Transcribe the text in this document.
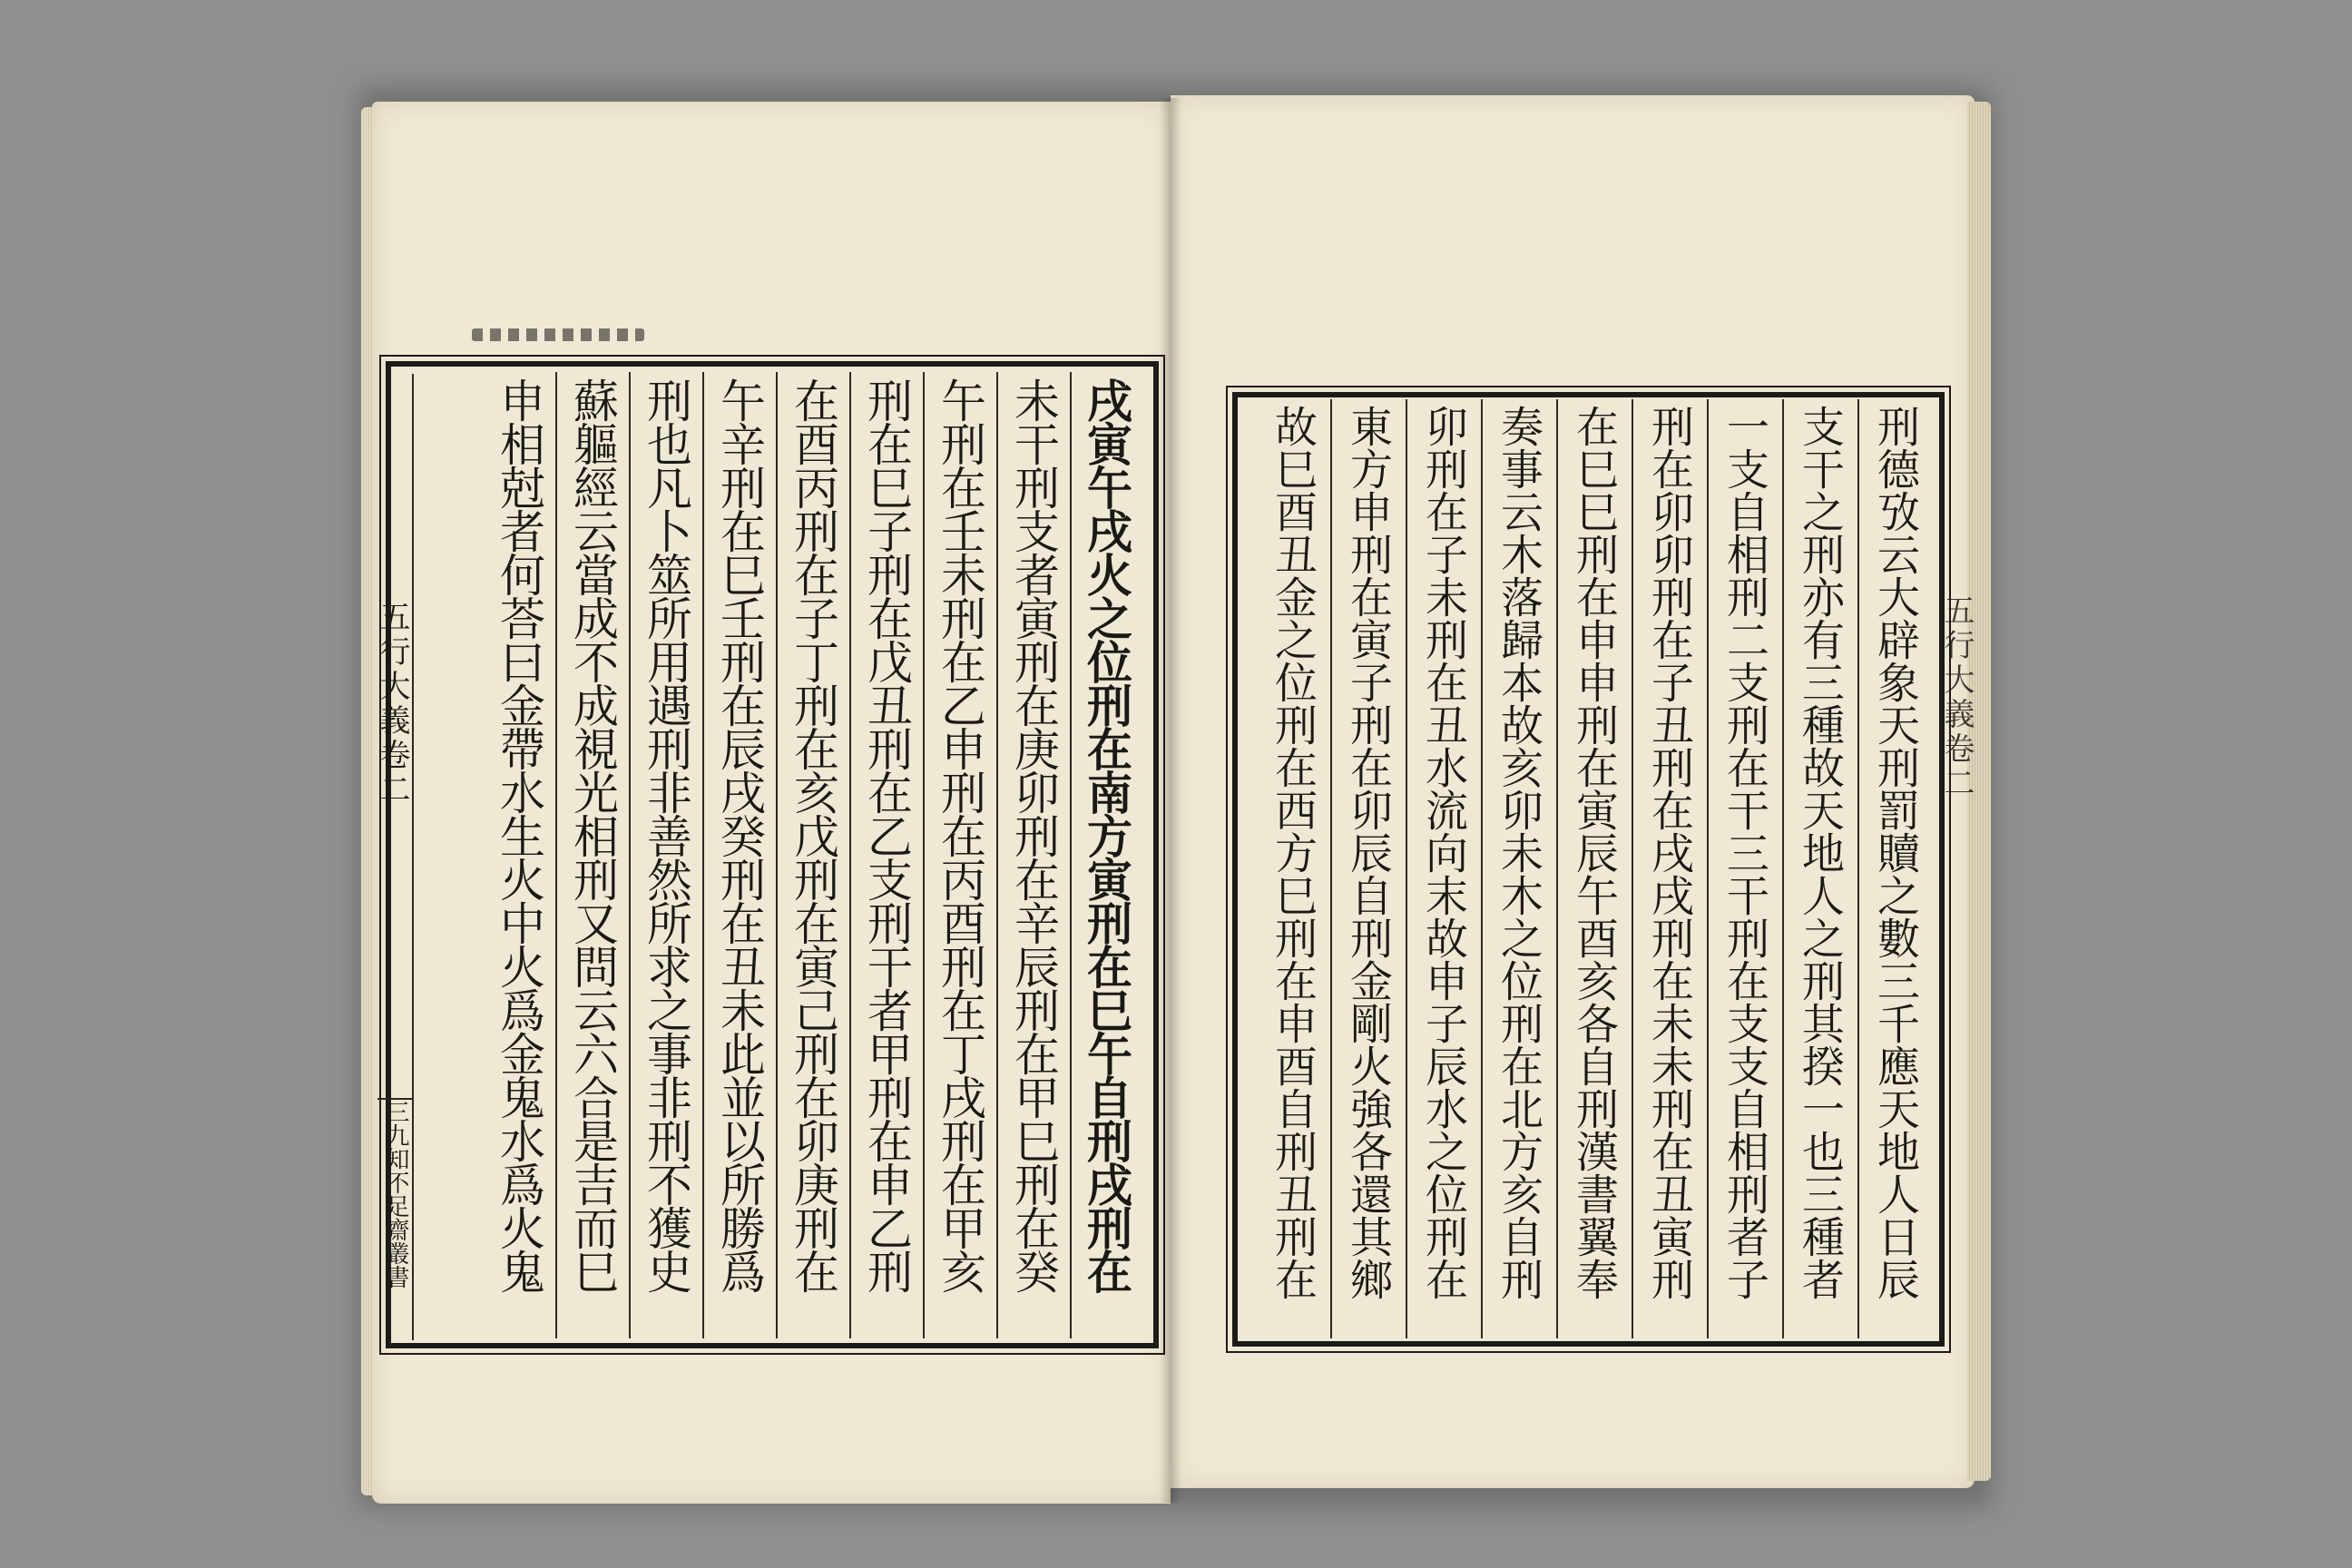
戌寅午戌火之位刑在南方寅刑在巳午自刑戌刑在
未干刑支者寅刑在庚卯刑在辛辰刑在甲巳刑在癸
午刑在壬未刑在乙申刑在丙酉刑在丁戌刑在甲亥
刑在巳子刑在戊丑刑在乙支刑干者甲刑在申乙刑
在酉丙刑在子丁刑在亥戊刑在寅己刑在卯庚刑在
午辛刑在巳壬刑在辰戌癸刑在丑未此並以所勝爲
刑也凡卜筮所用遇刑非善然所求之事非刑不獲史
蘇軀經云當成不成視光相刑又問云六合是吉而巳
申相尅者何荅曰金帶水生火中火爲金鬼水爲火鬼
五行大義卷二
三九知不足齋叢書	刑德攷云大辟象天刑罰贖之數三千應天地人日辰
支干之刑亦有三種故天地人之刑其揆一也三種者
一支自相刑二支刑在干三干刑在支支自相刑者子
刑在卯卯刑在子丑刑在戌戌刑在未未刑在丑寅刑
在巳巳刑在申申刑在寅辰午酉亥各自刑漢書翼奉
奏事云木落歸本故亥卯未木之位刑在北方亥自刑
卯刑在子未刑在丑水流向末故申子辰水之位刑在
東方申刑在寅子刑在卯辰自刑金剛火強各還其鄉
故巳酉丑金之位刑在西方巳刑在申酉自刑丑刑在	五行大義卷二
